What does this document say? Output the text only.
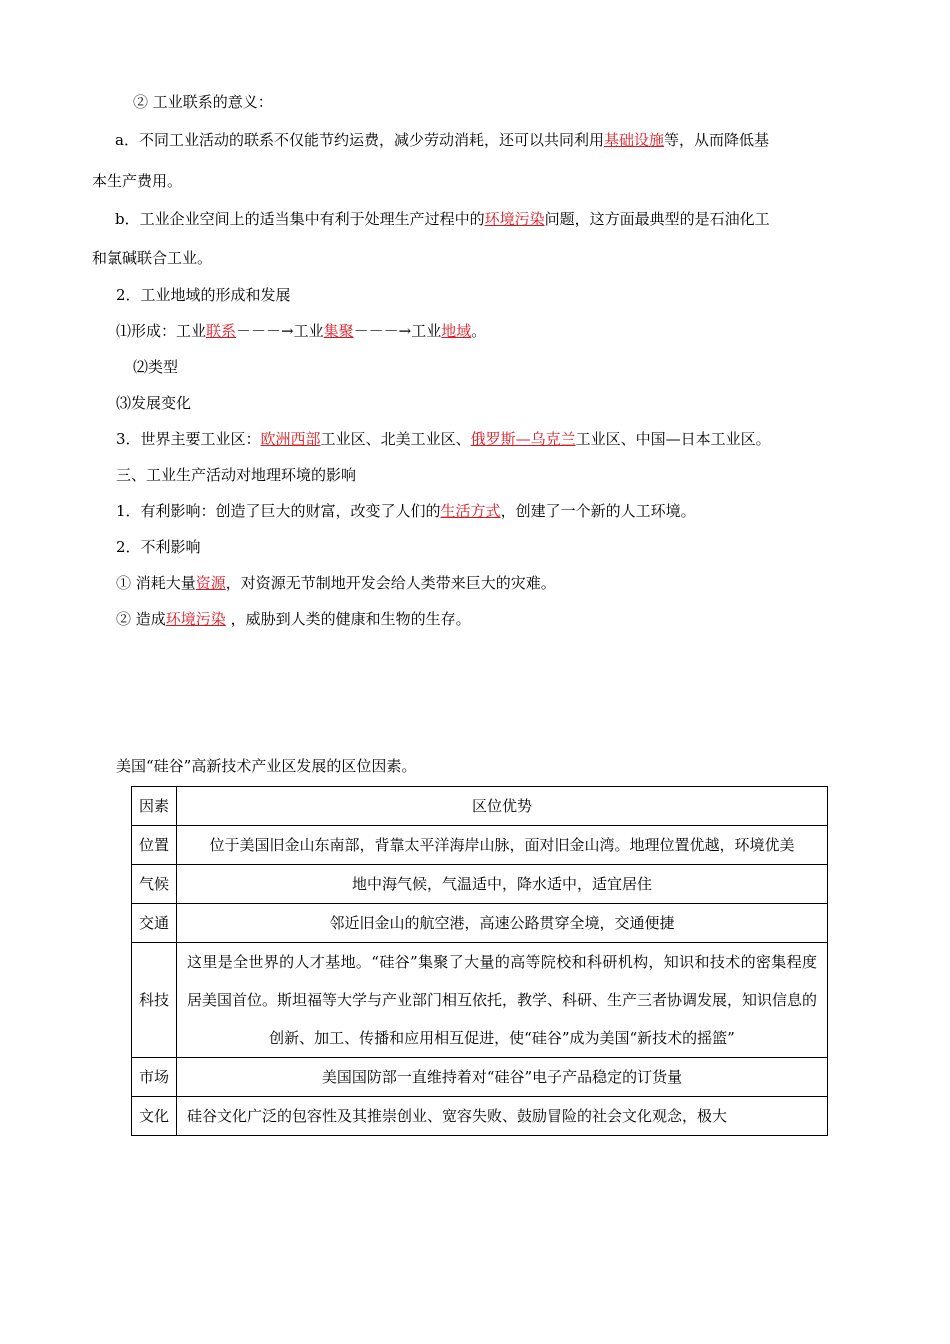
② 工业联系的意义：
a．不同工业活动的联系不仅能节约运费，减少劳动消耗，还可以共同利用基础设施等，从而降低基
本生产费用。
b．工业企业空间上的适当集中有利于处理生产过程中的环境污染问题，这方面最典型的是石油化工
和氯碱联合工业。
2．工业地域的形成和发展
⑴形成：工业联系－－－→工业集聚－－－→工业地域。
⑵类型
⑶发展变化
3．世界主要工业区：欧洲西部工业区、北美工业区、俄罗斯—乌克兰工业区、中国—日本工业区。
三、工业生产活动对地理环境的影响
1．有利影响：创造了巨大的财富，改变了人们的生活方式，创建了一个新的人工环境。
2．不利影响
① 消耗大量资源，对资源无节制地开发会给人类带来巨大的灾难。
② 造成环境污染 ，威胁到人类的健康和生物的生存。
美国“硅谷”高新技术产业区发展的区位因素。
因素	区位优势
位置	位于美国旧金山东南部，背靠太平洋海岸山脉，面对旧金山湾。地理位置优越，环境优美
气候	地中海气候，气温适中，降水适中，适宜居住
交通	邻近旧金山的航空港，高速公路贯穿全境，交通便捷
科技	这里是全世界的人才基地。“硅谷”集聚了大量的高等院校和科研机构，知识和技术的密集程度居美国首位。斯坦福等大学与产业部门相互依托，教学、科研、生产三者协调发展，知识信息的创新、加工、传播和应用相互促进，使“硅谷”成为美国“新技术的摇篮”
市场	美国国防部一直维持着对“硅谷”电子产品稳定的订货量
文化	硅谷文化广泛的包容性及其推崇创业、宽容失败、鼓励冒险的社会文化观念，极大
